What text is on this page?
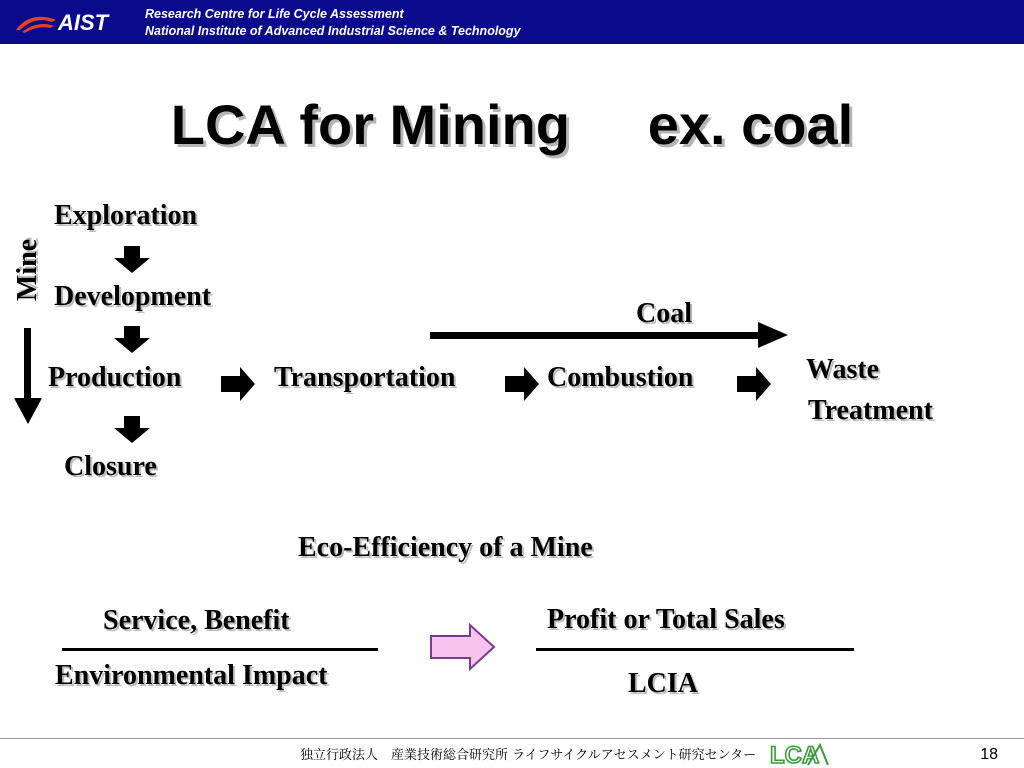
AIST	Research Centre for Life Cycle Assessment
National Institute of Advanced Industrial Science & Technology
LCA for Mining     ex. coal
Mine
Exploration
Development
Production
Closure
Transportation	Combustion	Waste
Treatment
Coal
Eco-Efficiency of a Mine
Service, Benefit
Environmental Impact
Profit or Total Sales
LCIA
独立行政法人　産業技術総合研究所 ライフサイクルアセスメント研究センター LCA	18
